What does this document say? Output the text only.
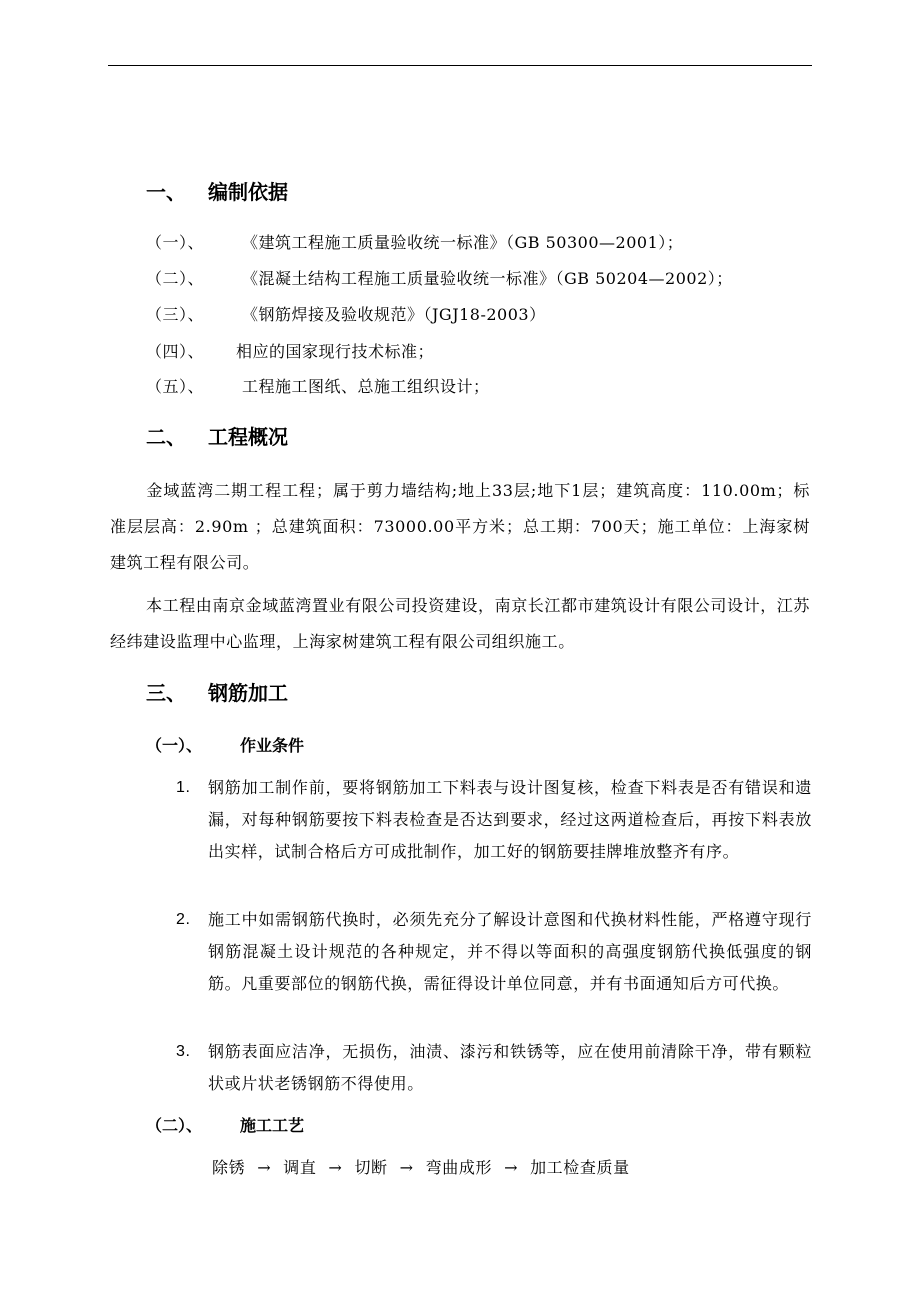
一、 编制依据
（一）、 《建筑工程施工质量验收统一标准》（GB 50300—2001）；
（二）、 《混凝土结构工程施工质量验收统一标准》（GB 50204—2002）；
（三）、 《钢筋焊接及验收规范》（JGJ18-2003）
（四）、 相应的国家现行技术标准；
（五）、 工程施工图纸、总施工组织设计；
二、 工程概况
金域蓝湾二期工程工程；属于剪力墙结构;地上33层;地下1层；建筑高度：110.00m；标准层层高：2.90m ；总建筑面积：73000.00平方米；总工期：700天；施工单位：上海家树建筑工程有限公司。
本工程由南京金域蓝湾置业有限公司投资建设，南京长江都市建筑设计有限公司设计，江苏经纬建设监理中心监理，上海家树建筑工程有限公司组织施工。
三、 钢筋加工
（一）、 作业条件
1. 钢筋加工制作前，要将钢筋加工下料表与设计图复核，检查下料表是否有错误和遗漏，对每种钢筋要按下料表检查是否达到要求，经过这两道检查后，再按下料表放出实样，试制合格后方可成批制作，加工好的钢筋要挂牌堆放整齐有序。
2. 施工中如需钢筋代换时，必须先充分了解设计意图和代换材料性能，严格遵守现行钢筋混凝土设计规范的各种规定，并不得以等面积的高强度钢筋代换低强度的钢筋。凡重要部位的钢筋代换，需征得设计单位同意，并有书面通知后方可代换。
3. 钢筋表面应洁净，无损伤，油渍、漆污和铁锈等，应在使用前清除干净，带有颗粒状或片状老锈钢筋不得使用。
（二）、 施工工艺
除锈 → 调直 → 切断 → 弯曲成形 → 加工检查质量
